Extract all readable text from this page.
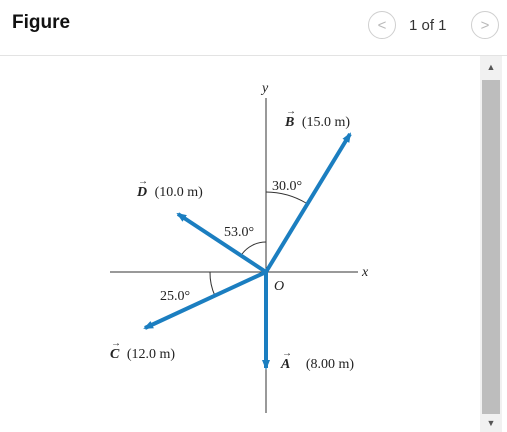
Figure	< 1 of 1 >
y
x
O
B (15.0 m)
→
D (10.0 m)
→
C (12.0 m)
→
A (8.00 m)
→
30.0°
53.0°
25.0°
▲
▼
